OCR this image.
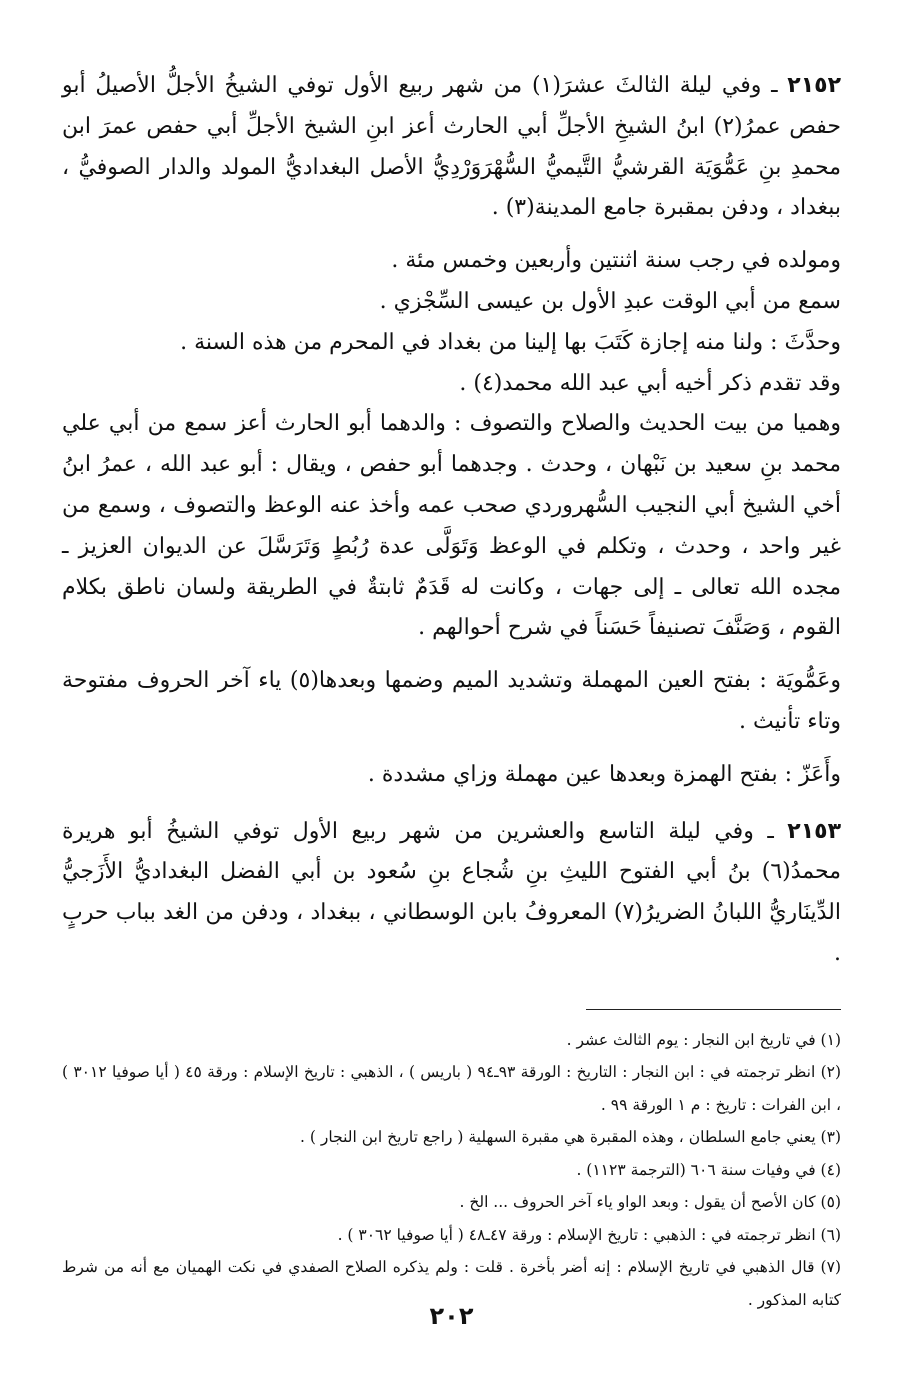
٢١٥٢ ـ وفي ليلة الثالثَ عشرَ(١) من شهر ربيع الأول توفي الشيخُ الأجلُّ الأصيلُ أبو حفص عمرُ(٢) ابنُ الشيخِ الأجلِّ أبي الحارث أعز ابنِ الشيخ الأجلِّ أبي حفص عمرَ ابن محمدِ بنِ عَمُّوَيَة القرشيُّ التَّيميُّ السُّهْرَوَرْدِيُّ الأصل البغداديُّ المولد والدار الصوفيُّ ، ببغداد ، ودفن بمقبرة جامع المدينة(٣) .

ومولده في رجب سنة اثنتين وأربعين وخمس مئة .

سمع من أبي الوقت عبدِ الأول بن عيسى السِّجْزي .

وحدَّثَ : ولنا منه إجازة كَتَبَ بها إلينا من بغداد في المحرم من هذه السنة .

وقد تقدم ذكر أخيه أبي عبد الله محمد(٤) .

وهميا من بيت الحديث والصلاح والتصوف : والدهما أبو الحارث أعز سمع من أبي علي محمد بنِ سعيد بن نَبْهان ، وحدث . وجدهما أبو حفص ، ويقال : أبو عبد الله ، عمرُ ابنُ أخي الشيخ أبي النجيب السُّهروردي صحب عمه وأخذ عنه الوعظ والتصوف ، وسمع من غير واحد ، وحدث ، وتكلم في الوعظ وَتَوَلَّى عدة رُبُطٍ وَتَرَسَّلَ عن الديوان العزيز ـ مجده الله تعالى ـ إلى جهات ، وكانت له قَدَمٌ ثابتةٌ في الطريقة ولسان ناطق بكلام القوم ، وَصَنَّفَ تصنيفاً حَسَناً في شرح أحوالهم .

وعَمُّويَة : بفتح العين المهملة وتشديد الميم وضمها وبعدها(٥) ياء آخر الحروف مفتوحة وتاء تأنيث .

وأَعَزّ : بفتح الهمزة وبعدها عين مهملة وزاي مشددة .

٢١٥٣ ـ وفي ليلة التاسع والعشرين من شهر ربيع الأول توفي الشيخُ أبو هريرة محمدُ(٦) بنُ أبي الفتوح الليثِ بنِ شُجاع بنِ سُعود بن أبي الفضل البغداديُّ الأَزَجيُّ الدِّينَاريُّ اللبانُ الضريرُ(٧) المعروفُ بابن الوسطاني ، ببغداد ، ودفن من الغد بباب حربٍ .

(١) في تاريخ ابن النجار : يوم الثالث عشر .
(٢) انظر ترجمته في : ابن النجار : التاريخ : الورقة ٩٣ـ٩٤ ( باريس ) ، الذهبي : تاريخ الإسلام : ورقة ٤٥ ( أيا صوفيا ٣٠١٢ ) ، ابن الفرات : تاريخ : م ١ الورقة ٩٩ .
(٣) يعني جامع السلطان ، وهذه المقبرة هي مقبرة السهلية ( راجع تاريخ ابن النجار ) .
(٤) في وفيات سنة ٦٠٦ (الترجمة ١١٢٣) .
(٥) كان الأصح أن يقول : وبعد الواو ياء آخر الحروف ... الخ .
(٦) انظر ترجمته في : الذهبي : تاريخ الإسلام : ورقة ٤٧ـ٤٨ ( أيا صوفيا ٣٠٦٢ ) .
(٧) قال الذهبي في تاريخ الإسلام : إنه أضر بأخرة . قلت : ولم يذكره الصلاح الصفدي في نكت الهميان مع أنه من شرط كتابه المذكور .
٢٠٢
